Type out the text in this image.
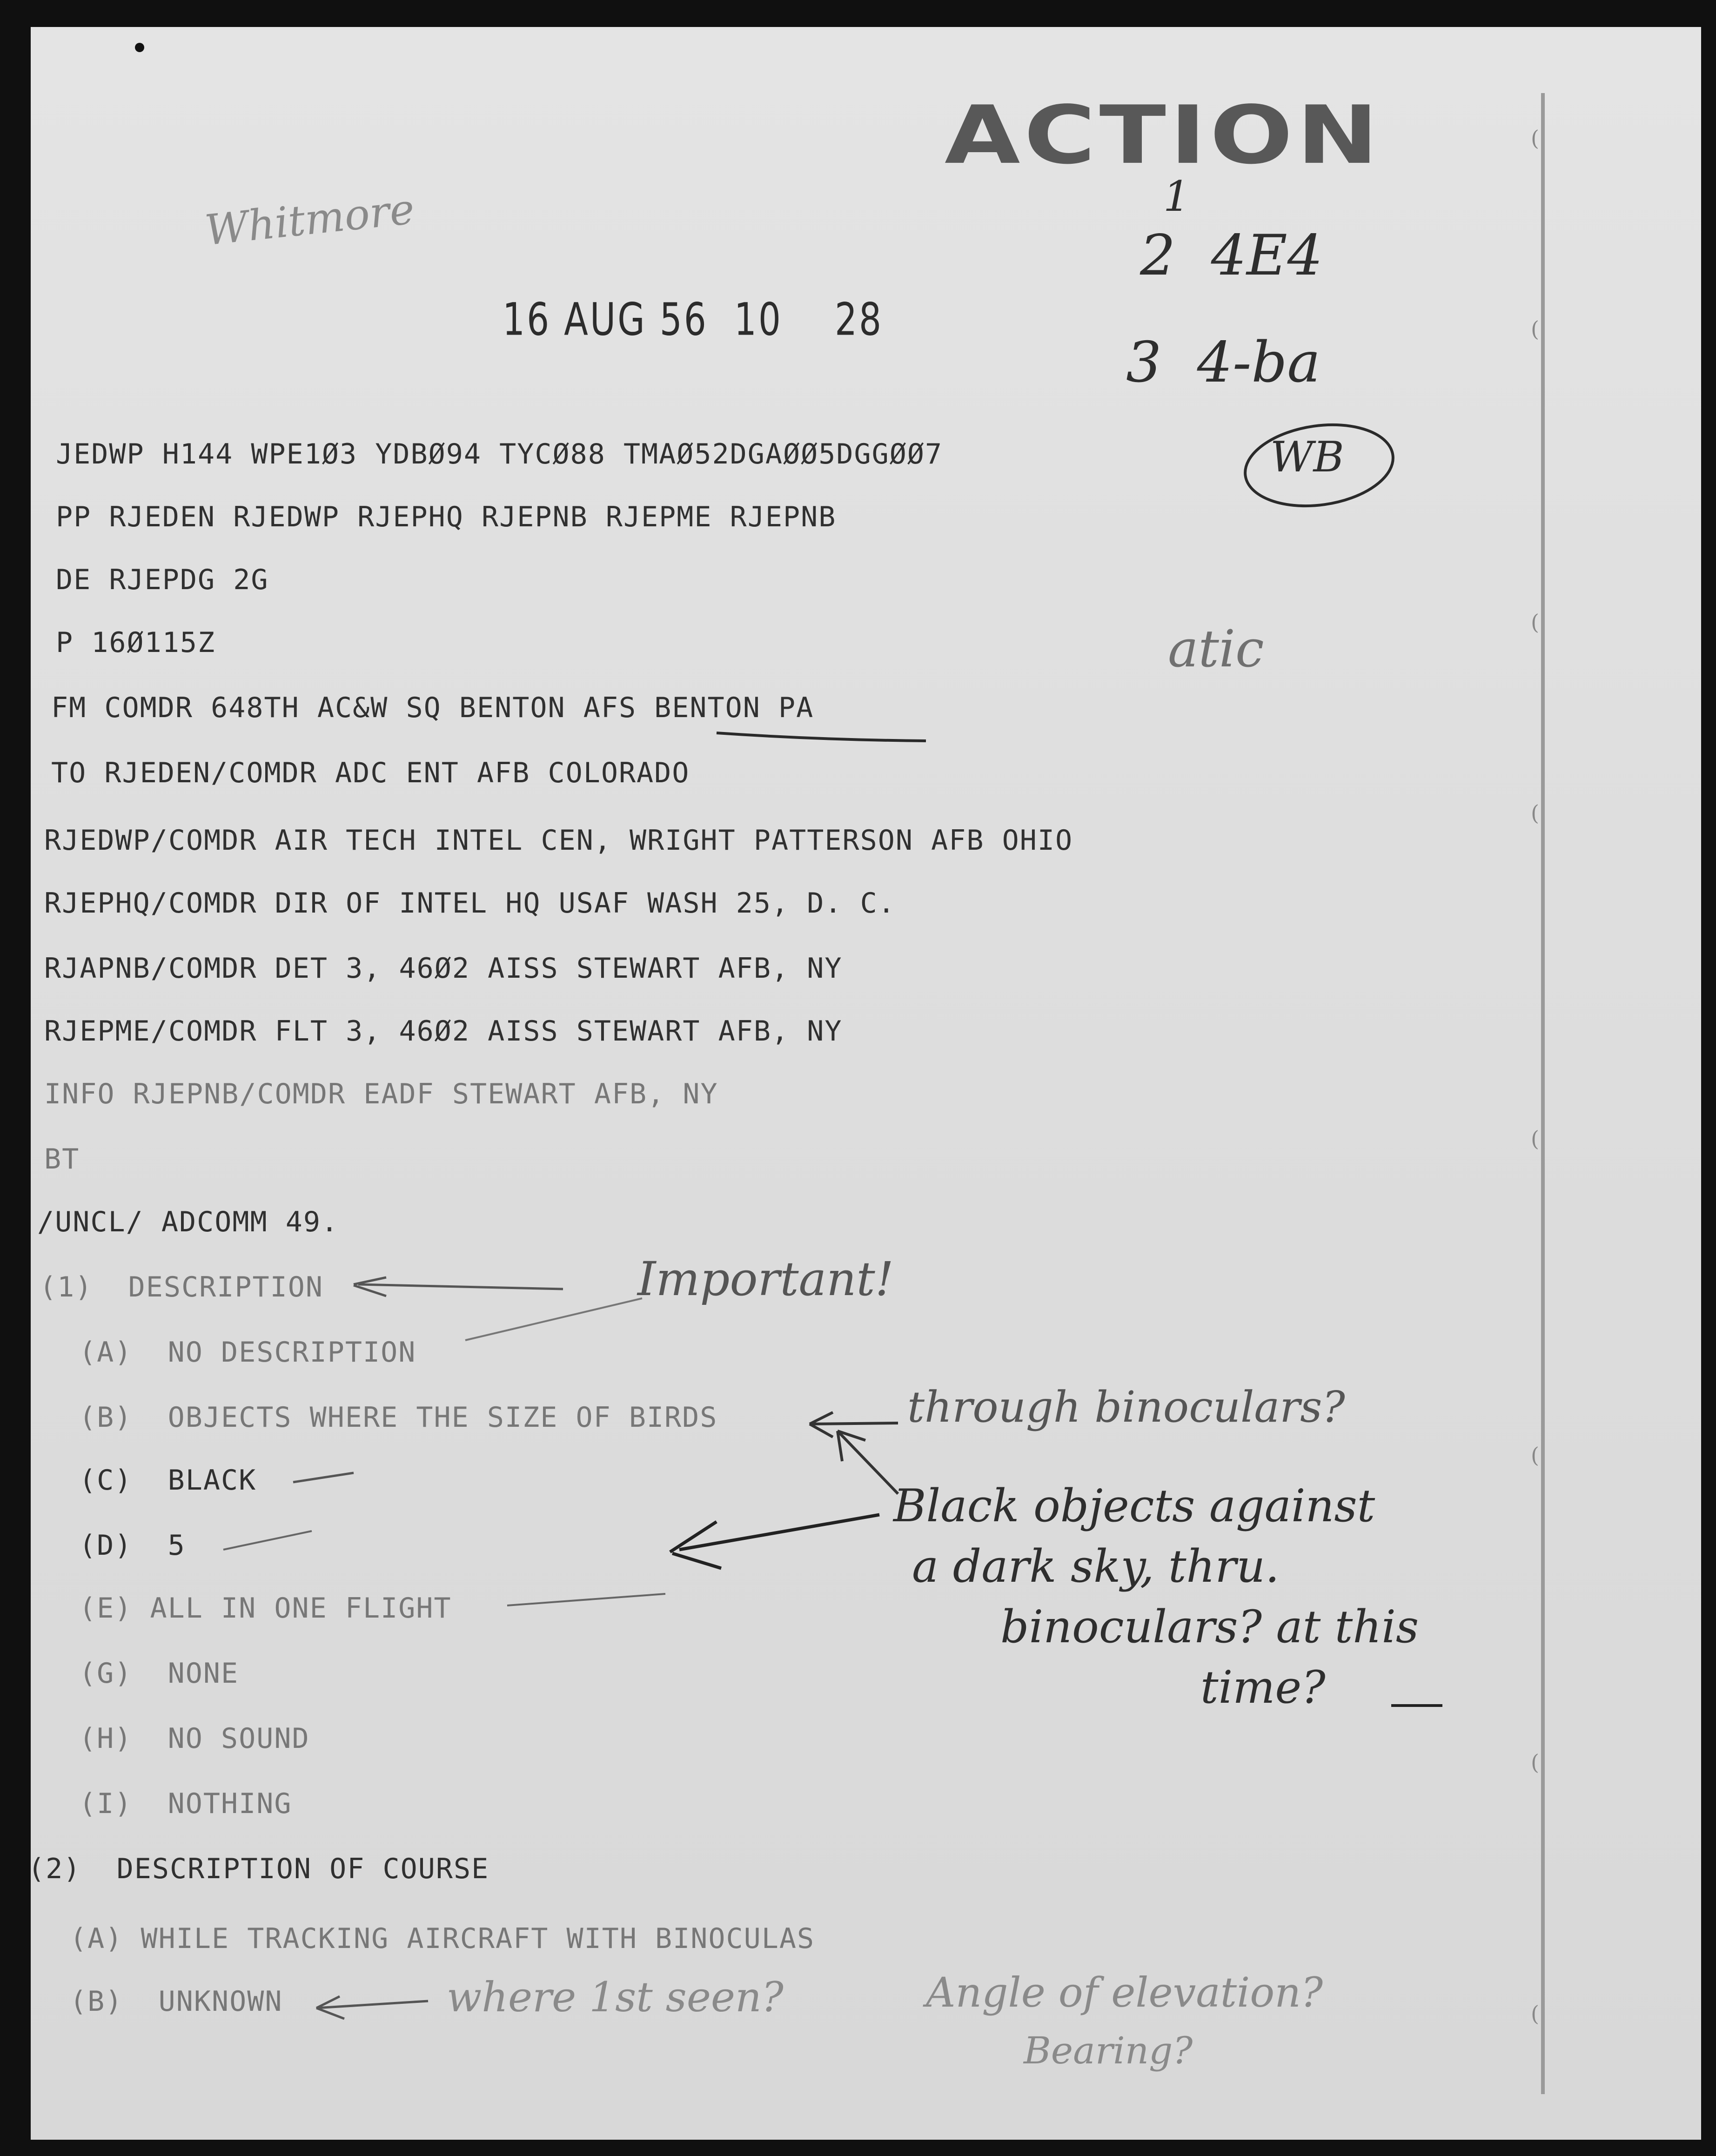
(
(
(
(
(
(
(
(
ACTION
16 AUG 56  10    28
JEDWP H144 WPE1Ø3 YDBØ94 TYCØ88 TMAØ52DGAØØ5DGGØØ7
PP RJEDEN RJEDWP RJEPHQ RJEPNB RJEPME RJEPNB
DE RJEPDG 2G
P 16Ø115Z
FM COMDR 648TH AC&W SQ BENTON AFS BENTON PA
TO RJEDEN/COMDR ADC ENT AFB COLORADO
RJEDWP/COMDR AIR TECH INTEL CEN, WRIGHT PATTERSON AFB OHIO
RJEPHQ/COMDR DIR OF INTEL HQ USAF WASH 25, D. C.
RJAPNB/COMDR DET 3, 46Ø2 AISS STEWART AFB, NY
RJEPME/COMDR FLT 3, 46Ø2 AISS STEWART AFB, NY
INFO RJEPNB/COMDR EADF STEWART AFB, NY
BT
/UNCL/ ADCOMM 49.
(1)  DESCRIPTION
(A)  NO DESCRIPTION
(B)  OBJECTS WHERE THE SIZE OF BIRDS
(C)  BLACK
(D)  5
(E) ALL IN ONE FLIGHT
(G)  NONE
(H)  NO SOUND
(I)  NOTHING
(2)  DESCRIPTION OF COURSE
(A) WHILE TRACKING AIRCRAFT WITH BINOCULAS
(B)  UNKNOWN
Whitmore	1
2  4E4
3  4-ba
WB
atic
Important!
through binoculars?
Black objects against
a dark sky, thru.
binoculars? at this
time?
where 1st seen?	Angle of elevation?
Bearing?
